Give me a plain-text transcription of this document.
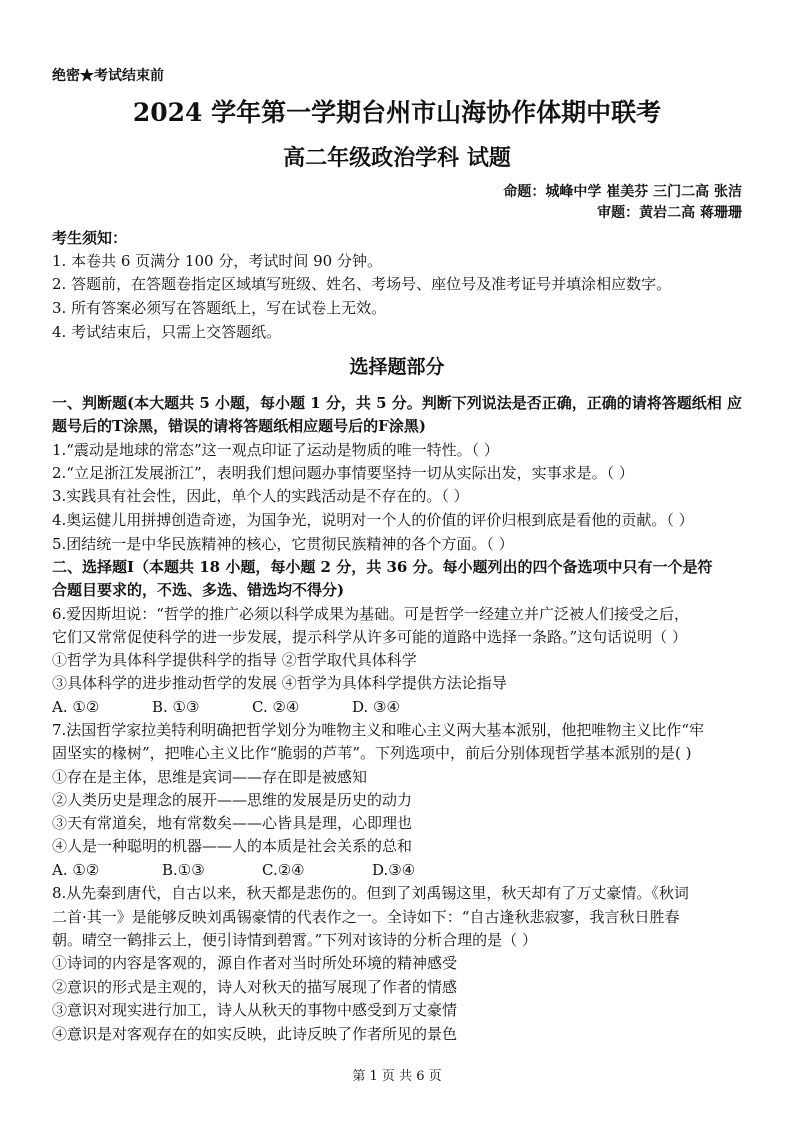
绝密★考试结束前
2024 学年第一学期台州市山海协作体期中联考
高二年级政治学科 试题
命题：城峰中学 崔美芬 三门二高 张洁
审题：黄岩二高 蒋珊珊
考生须知：
1. 本卷共 6 页满分 100 分，考试时间 90 分钟。
2. 答题前，在答题卷指定区域填写班级、姓名、考场号、座位号及准考证号并填涂相应数字。
3. 所有答案必须写在答题纸上，写在试卷上无效。
4. 考试结束后，只需上交答题纸。
选择题部分
一、判断题(本大题共 5 小题，每小题 1 分，共 5 分。判断下列说法是否正确，正确的请将答题纸相 应
题号后的T涂黑，错误的请将答题纸相应题号后的F涂黑)
1.“震动是地球的常态”这一观点印证了运动是物质的唯一特性。（ ）
2.“立足浙江发展浙江”，表明我们想问题办事情要坚持一切从实际出发，实事求是。（ ）
3.实践具有社会性，因此，单个人的实践活动是不存在的。（ ）
4.奥运健儿用拼搏创造奇迹，为国争光，说明对一个人的价值的评价归根到底是看他的贡献。（ ）
5.团结统一是中华民族精神的核心，它贯彻民族精神的各个方面。（ ）
二、选择题Ⅰ（本题共 18 小题，每小题 2 分，共 36 分。每小题列出的四个备选项中只有一个是符
合题目要求的，不选、多选、错选均不得分)
6.爱因斯坦说：“哲学的推广必须以科学成果为基础。可是哲学一经建立并广泛被人们接受之后，
它们又常常促使科学的进一步发展，提示科学从许多可能的道路中选择一条路。”这句话说明（ ）
①哲学为具体科学提供科学的指导 ②哲学取代具体科学
③具体科学的进步推动哲学的发展 ④哲学为具体科学提供方法论指导
A. ①②	B. ①③	C. ②④	D. ③④
7.法国哲学家拉美特利明确把哲学划分为唯物主义和唯心主义两大基本派别，他把唯物主义比作“牢
固坚实的椽树”，把唯心主义比作“脆弱的芦苇”。下列选项中，前后分别体现哲学基本派别的是( )
①存在是主体，思维是宾词——存在即是被感知
②人类历史是理念的展开——思维的发展是历史的动力
③天有常道矣，地有常数矣——心皆具是理，心即理也
④人是一种聪明的机器——人的本质是社会关系的总和
A. ①②	B.①③	C.②④	D.③④
8.从先秦到唐代，自古以来，秋天都是悲伤的。但到了刘禹锡这里，秋天却有了万丈豪情。《秋词
二首·其一》是能够反映刘禹锡豪情的代表作之一。全诗如下：“自古逢秋悲寂寥，我言秋日胜春
朝。晴空一鹤排云上，便引诗情到碧霄。”下列对该诗的分析合理的是（ ）
①诗词的内容是客观的，源自作者对当时所处环境的精神感受
②意识的形式是主观的，诗人对秋天的描写展现了作者的情感
③意识对现实进行加工，诗人从秋天的事物中感受到万丈豪情
④意识是对客观存在的如实反映，此诗反映了作者所见的景色
第 1 页 共 6 页
